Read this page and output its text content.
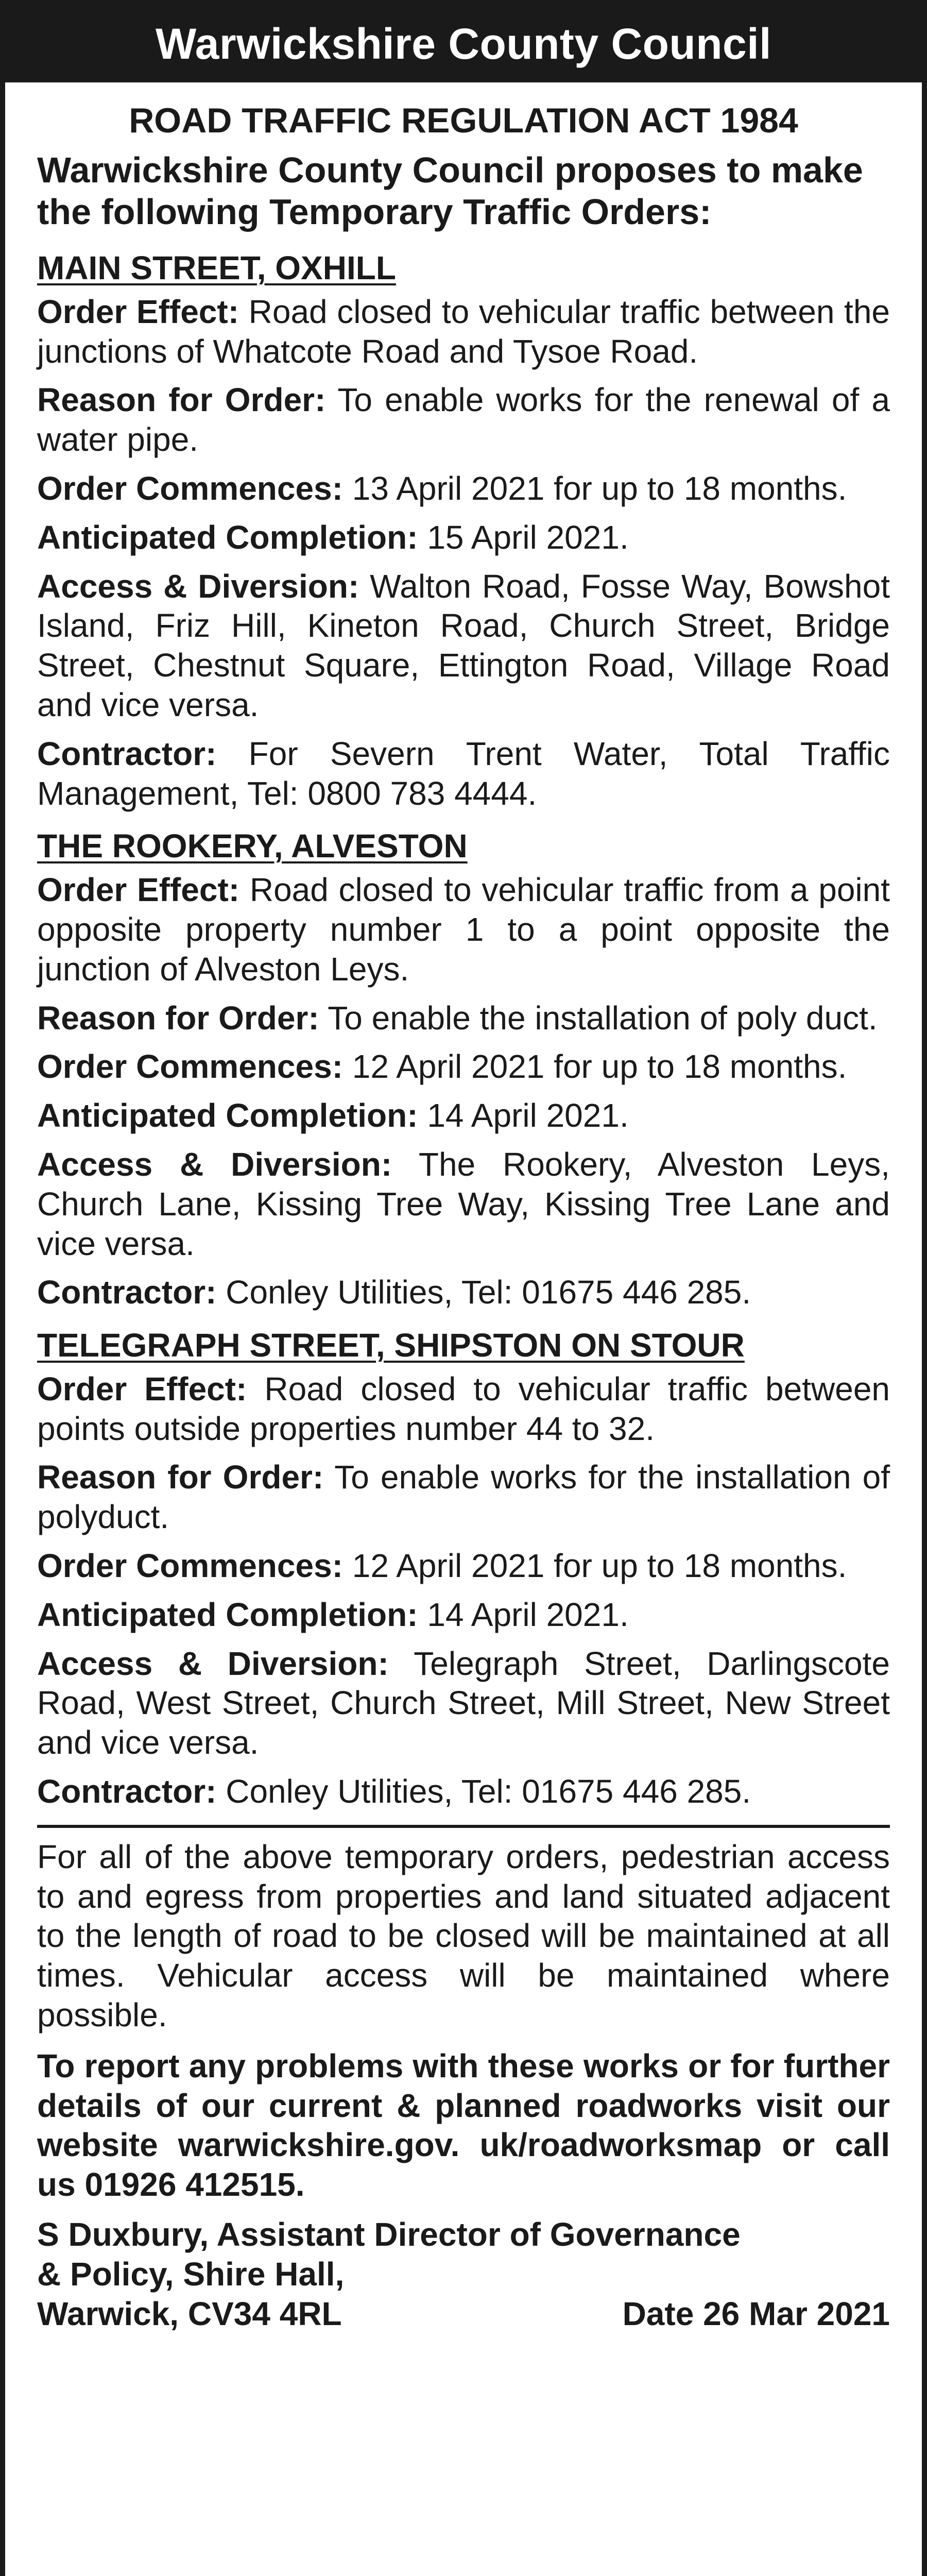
Warwickshire County Council
ROAD TRAFFIC REGULATION ACT 1984
Warwickshire County Council proposes to make the following Temporary Traffic Orders:
MAIN STREET, OXHILL
Order Effect: Road closed to vehicular traffic between the junctions of Whatcote Road and Tysoe Road.
Reason for Order: To enable works for the renewal of a water pipe.
Order Commences: 13 April 2021 for up to 18 months.
Anticipated Completion: 15 April 2021.
Access & Diversion: Walton Road, Fosse Way, Bowshot Island, Friz Hill, Kineton Road, Church Street, Bridge Street, Chestnut Square, Ettington Road, Village Road and vice versa.
Contractor: For Severn Trent Water, Total Traffic Management, Tel: 0800 783 4444.
THE ROOKERY, ALVESTON
Order Effect: Road closed to vehicular traffic from a point opposite property number 1 to a point opposite the junction of Alveston Leys.
Reason for Order: To enable the installation of poly duct.
Order Commences: 12 April 2021 for up to 18 months.
Anticipated Completion: 14 April 2021.
Access & Diversion: The Rookery, Alveston Leys, Church Lane, Kissing Tree Way, Kissing Tree Lane and vice versa.
Contractor: Conley Utilities, Tel: 01675 446 285.
TELEGRAPH STREET, SHIPSTON ON STOUR
Order Effect: Road closed to vehicular traffic between points outside properties number 44 to 32.
Reason for Order: To enable works for the installation of polyduct.
Order Commences: 12 April 2021 for up to 18 months.
Anticipated Completion: 14 April 2021.
Access & Diversion: Telegraph Street, Darlingscote Road, West Street, Church Street, Mill Street, New Street and vice versa.
Contractor: Conley Utilities, Tel: 01675 446 285.
For all of the above temporary orders, pedestrian access to and egress from properties and land situated adjacent to the length of road to be closed will be maintained at all times. Vehicular access will be maintained where possible.
To report any problems with these works or for further details of our current & planned roadworks visit our website warwickshire.gov. uk/roadworksmap or call us 01926 412515.
S Duxbury, Assistant Director of Governance
& Policy, Shire Hall,
Warwick, CV34 4RL	Date 26 Mar 2021
